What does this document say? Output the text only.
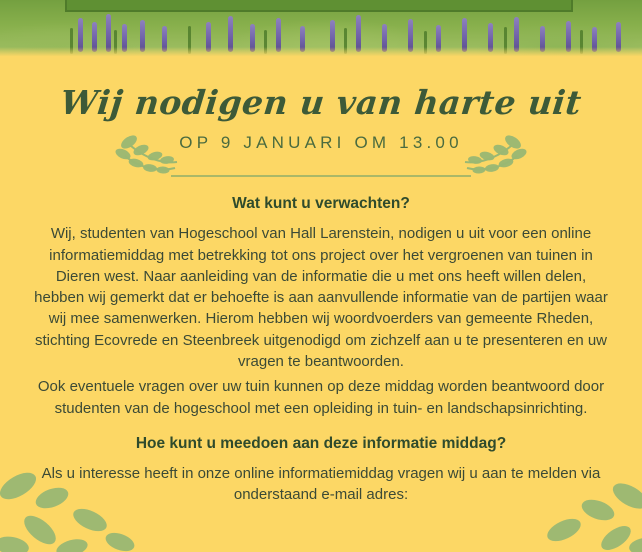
Wij nodigen u van harte uit
OP 9 JANUARI OM 13.00
Wat kunt u verwachten?

Wij, studenten van Hogeschool van Hall Larenstein, nodigen u uit voor een online informatiemiddag met betrekking tot ons project over het vergroenen van tuinen in Dieren west. Naar aanleiding van de informatie die u met ons heeft willen delen, hebben wij gemerkt dat er behoefte is aan aanvullende informatie van de partijen waar wij mee samenwerken. Hierom hebben wij woordvoerders van gemeente Rheden, stichting Ecovrede en Steenbreek uitgenodigd om zichzelf aan u te presenteren en uw vragen te beantwoorden.

Ook eventuele vragen over uw tuin kunnen op deze middag worden beantwoord door studenten van de hogeschool met een opleiding in tuin- en landschapsinrichting.

Hoe kunt u meedoen aan deze informatie middag?

Als u interesse heeft in onze online informatiemiddag vragen wij u aan te melden via onderstaand e-mail adres:
